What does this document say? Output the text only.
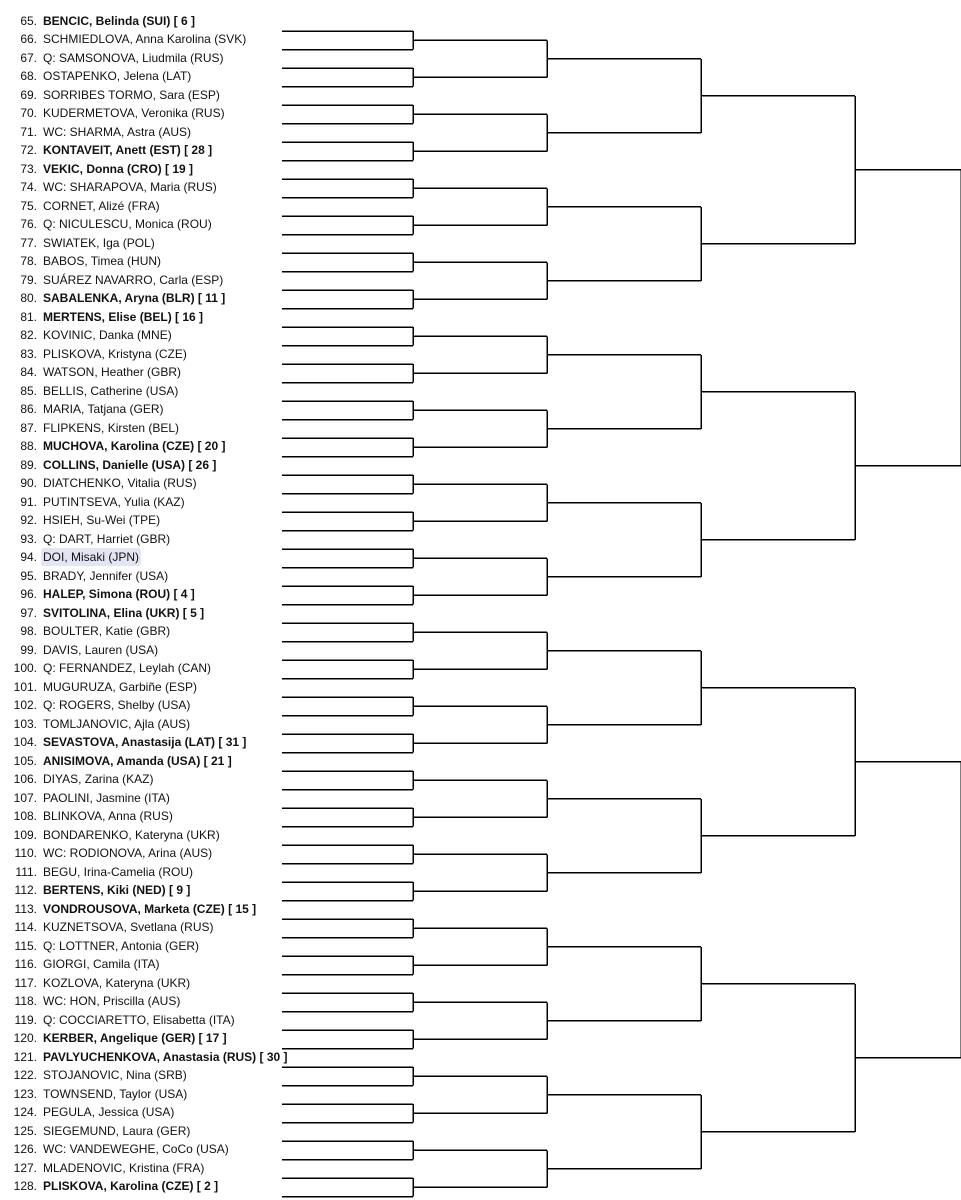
65. BENCIC, Belinda (SUI) [ 6 ]
66. SCHMIEDLOVA, Anna Karolina (SVK)
67. Q: SAMSONOVA, Liudmila (RUS)
68. OSTAPENKO, Jelena (LAT)
69. SORRIBES TORMO, Sara (ESP)
70. KUDERMETOVA, Veronika (RUS)
71. WC: SHARMA, Astra (AUS)
72. KONTAVEIT, Anett (EST) [ 28 ]
73. VEKIC, Donna (CRO) [ 19 ]
74. WC: SHARAPOVA, Maria (RUS)
75. CORNET, Alizé (FRA)
76. Q: NICULESCU, Monica (ROU)
77. SWIATEK, Iga (POL)
78. BABOS, Timea (HUN)
79. SUÁREZ NAVARRO, Carla (ESP)
80. SABALENKA, Aryna (BLR) [ 11 ]
81. MERTENS, Elise (BEL) [ 16 ]
82. KOVINIC, Danka (MNE)
83. PLISKOVA, Kristyna (CZE)
84. WATSON, Heather (GBR)
85. BELLIS, Catherine (USA)
86. MARIA, Tatjana (GER)
87. FLIPKENS, Kirsten (BEL)
88. MUCHOVA, Karolina (CZE) [ 20 ]
89. COLLINS, Danielle (USA) [ 26 ]
90. DIATCHENKO, Vitalia (RUS)
91. PUTINTSEVA, Yulia (KAZ)
92. HSIEH, Su-Wei (TPE)
93. Q: DART, Harriet (GBR)
94. DOI, Misaki (JPN)
95. BRADY, Jennifer (USA)
96. HALEP, Simona (ROU) [ 4 ]
97. SVITOLINA, Elina (UKR) [ 5 ]
98. BOULTER, Katie (GBR)
99. DAVIS, Lauren (USA)
100. Q: FERNANDEZ, Leylah (CAN)
101. MUGURUZA, Garbiñe (ESP)
102. Q: ROGERS, Shelby (USA)
103. TOMLJANOVIC, Ajla (AUS)
104. SEVASTOVA, Anastasija (LAT) [ 31 ]
105. ANISIMOVA, Amanda (USA) [ 21 ]
106. DIYAS, Zarina (KAZ)
107. PAOLINI, Jasmine (ITA)
108. BLINKOVA, Anna (RUS)
109. BONDARENKO, Kateryna (UKR)
110. WC: RODIONOVA, Arina (AUS)
111. BEGU, Irina-Camelia (ROU)
112. BERTENS, Kiki (NED) [ 9 ]
113. VONDROUSOVA, Marketa (CZE) [ 15 ]
114. KUZNETSOVA, Svetlana (RUS)
115. Q: LOTTNER, Antonia (GER)
116. GIORGI, Camila (ITA)
117. KOZLOVA, Kateryna (UKR)
118. WC: HON, Priscilla (AUS)
119. Q: COCCIARETTO, Elisabetta (ITA)
120. KERBER, Angelique (GER) [ 17 ]
121. PAVLYUCHENKOVA, Anastasia (RUS) [ 30 ]
122. STOJANOVIC, Nina (SRB)
123. TOWNSEND, Taylor (USA)
124. PEGULA, Jessica (USA)
125. SIEGEMUND, Laura (GER)
126. WC: VANDEWEGHE, CoCo (USA)
127. MLADENOVIC, Kristina (FRA)
128. PLISKOVA, Karolina (CZE) [ 2 ]
